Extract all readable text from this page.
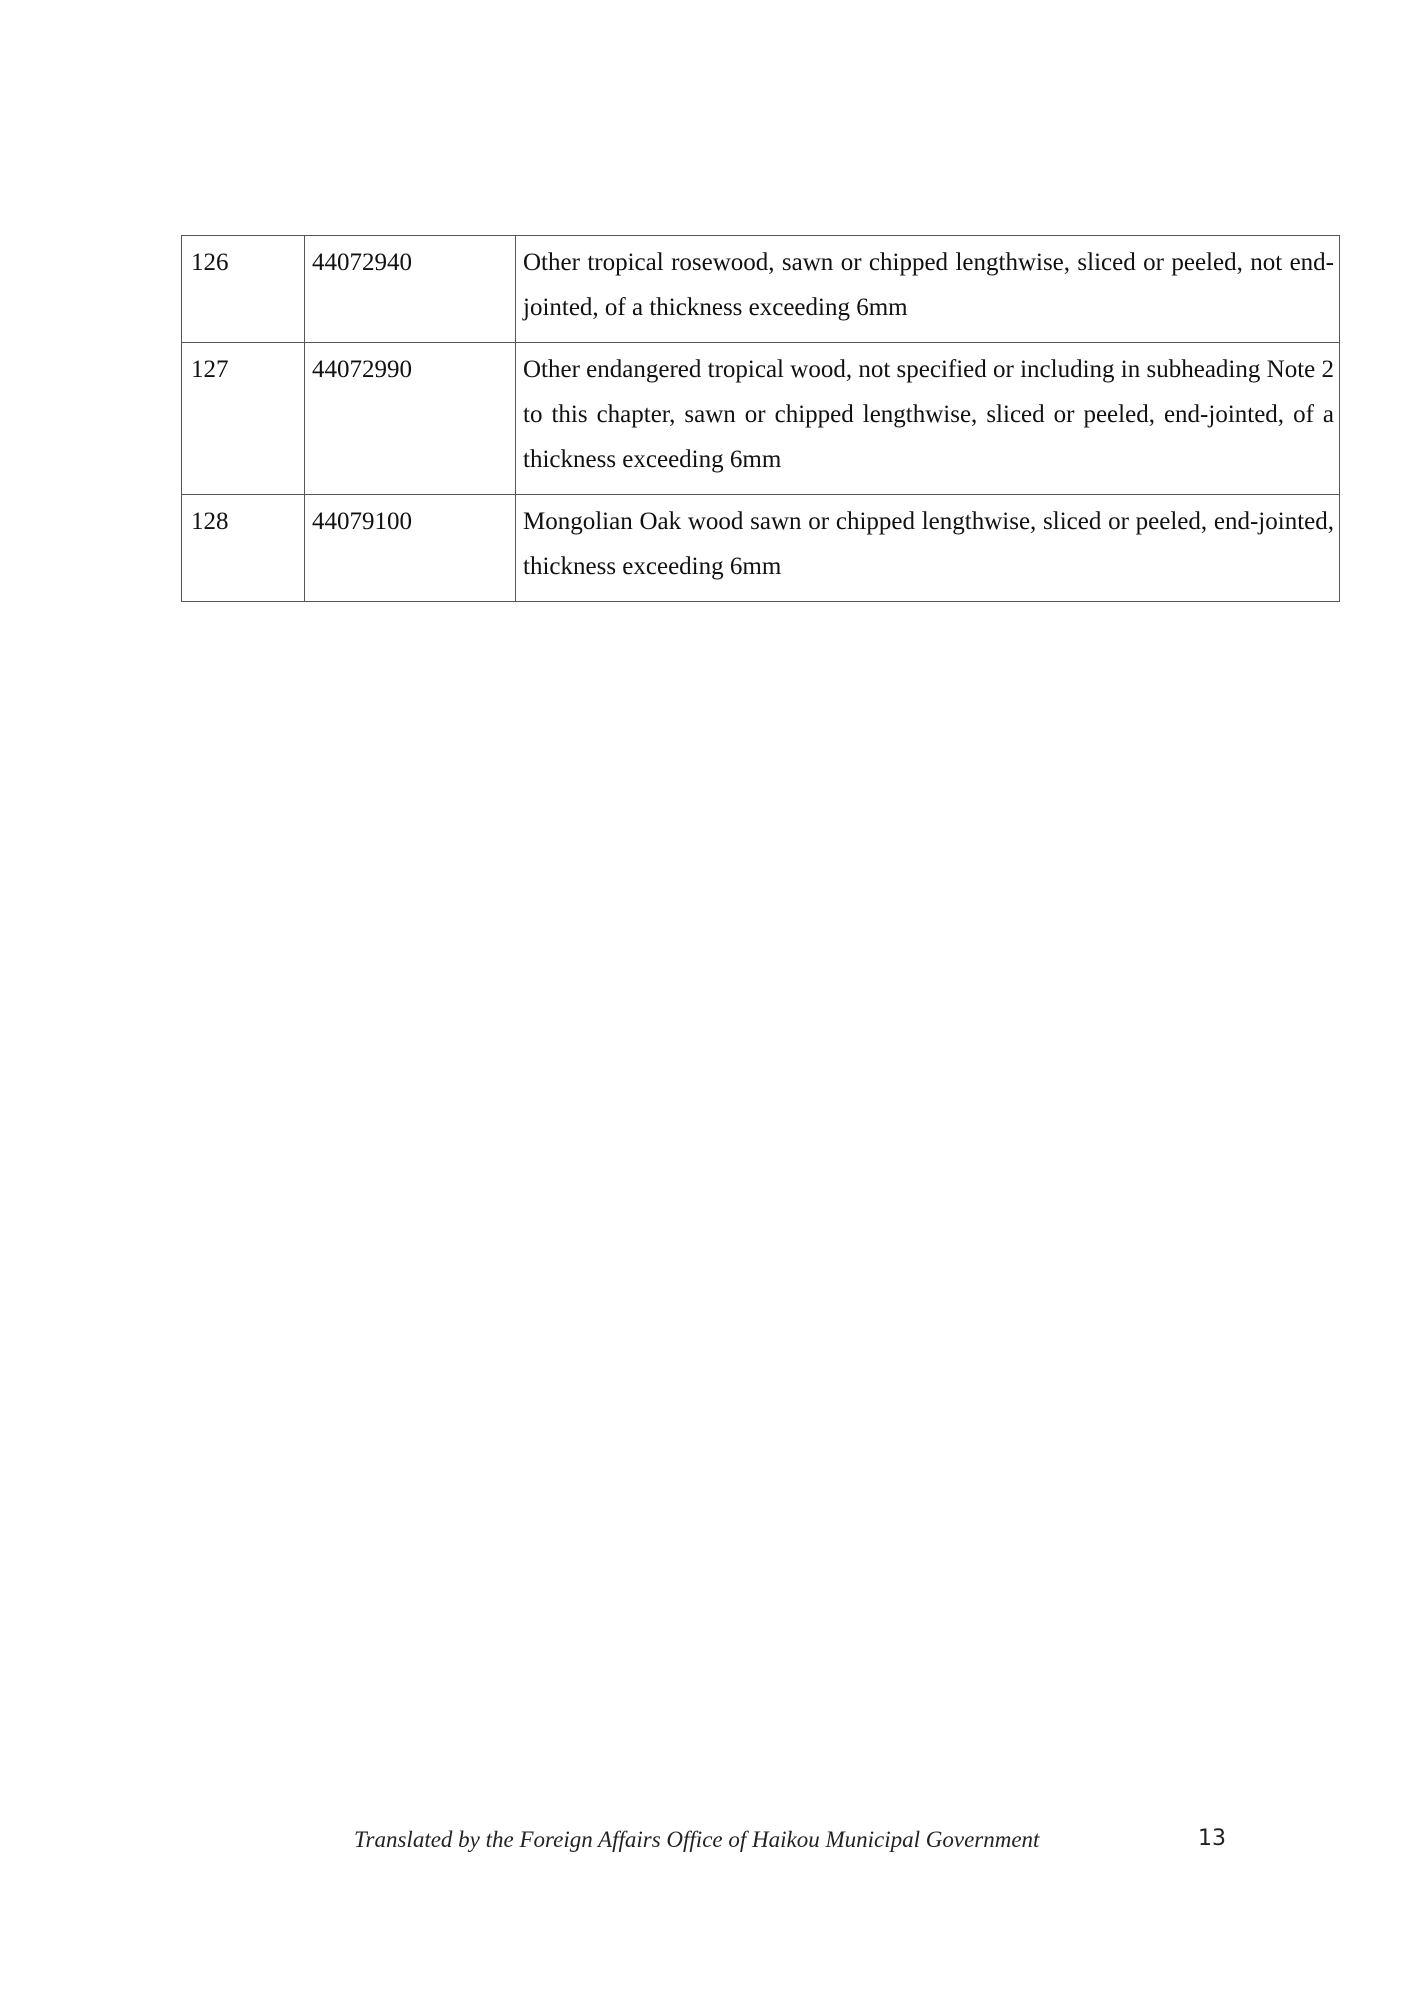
126	44072940	Other tropical rosewood, sawn or chipped lengthwise, sliced or peeled, not end-jointed, of a thickness exceeding 6mm
127	44072990	Other endangered tropical wood, not specified or including in subheading Note 2 to this chapter, sawn or chipped lengthwise, sliced or peeled, end-jointed, of a thickness exceeding 6mm
128	44079100	Mongolian Oak wood sawn or chipped lengthwise, sliced or peeled, end-jointed, thickness exceeding 6mm
Translated by the Foreign Affairs Office of Haikou Municipal Government	13
